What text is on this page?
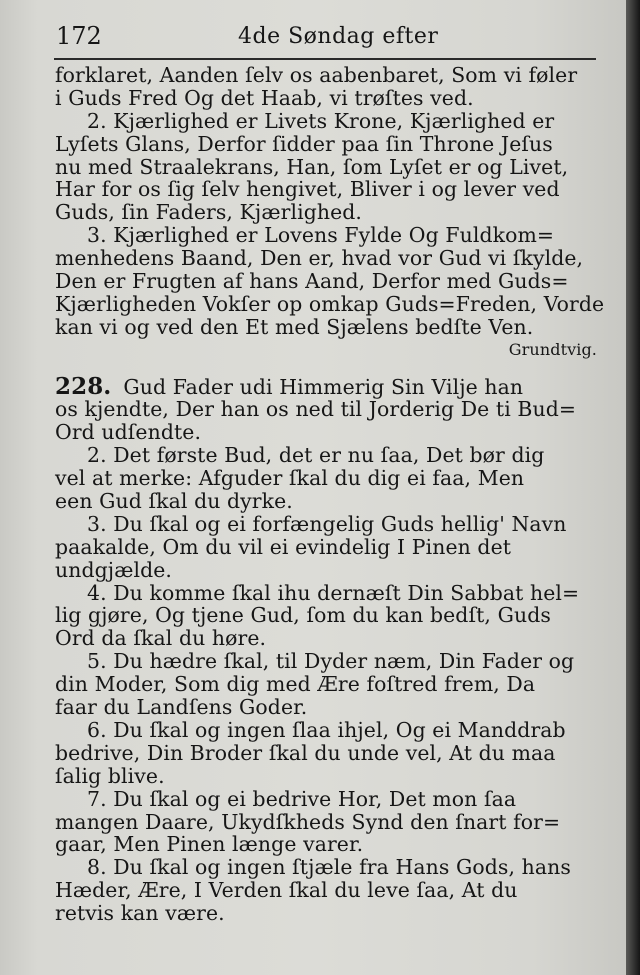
172	4de Søndag efter
forklaret, Aanden ſelv os aabenbaret, Som vi føler
i Guds Fred Og det Haab, vi trøſtes ved.
2. Kjærlighed er Livets Krone, Kjærlighed er
Lyſets Glans, Derfor ſidder paa ſin Throne Jeſus
nu med Straalekrans, Han, ſom Lyſet er og Livet,
Har for os ſig ſelv hengivet, Bliver i og lever ved
Guds, ſin Faders, Kjærlighed.
3. Kjærlighed er Lovens Fylde Og Fuldkom=
menhedens Baand, Den er, hvad vor Gud vi ſkylde,
Den er Frugten af hans Aand, Derfor med Guds=
Kjærligheden Vokſer op omkap Guds=Freden, Vorde
kan vi og ved den Et med Sjælens bedſte Ven.
Grundtvig.
228. Gud Fader udi Himmerig Sin Vilje han
os kjendte, Der han os ned til Jorderig De ti Bud=
Ord udſendte.
2. Det første Bud, det er nu ſaa, Det bør dig
vel at merke: Afguder ſkal du dig ei faa, Men
een Gud ſkal du dyrke.
3. Du ſkal og ei forfængelig Guds hellig' Navn
paakalde, Om du vil ei evindelig I Pinen det
undgjælde.
4. Du komme ſkal ihu dernæſt Din Sabbat hel=
lig gjøre, Og tjene Gud, ſom du kan bedſt, Guds
Ord da ſkal du høre.
5. Du hædre ſkal, til Dyder næm, Din Fader og
din Moder, Som dig med Ære foſtred frem, Da
faar du Landſens Goder.
6. Du ſkal og ingen ſlaa ihjel, Og ei Manddrab
bedrive, Din Broder ſkal du unde vel, At du maa
ſalig blive.
7. Du ſkal og ei bedrive Hor, Det mon ſaa
mangen Daare, Ukydſkheds Synd den ſnart for=
gaar, Men Pinen længe varer.
8. Du ſkal og ingen ſtjæle fra Hans Gods, hans
Hæder, Ære, I Verden ſkal du leve ſaa, At du
retvis kan være.
